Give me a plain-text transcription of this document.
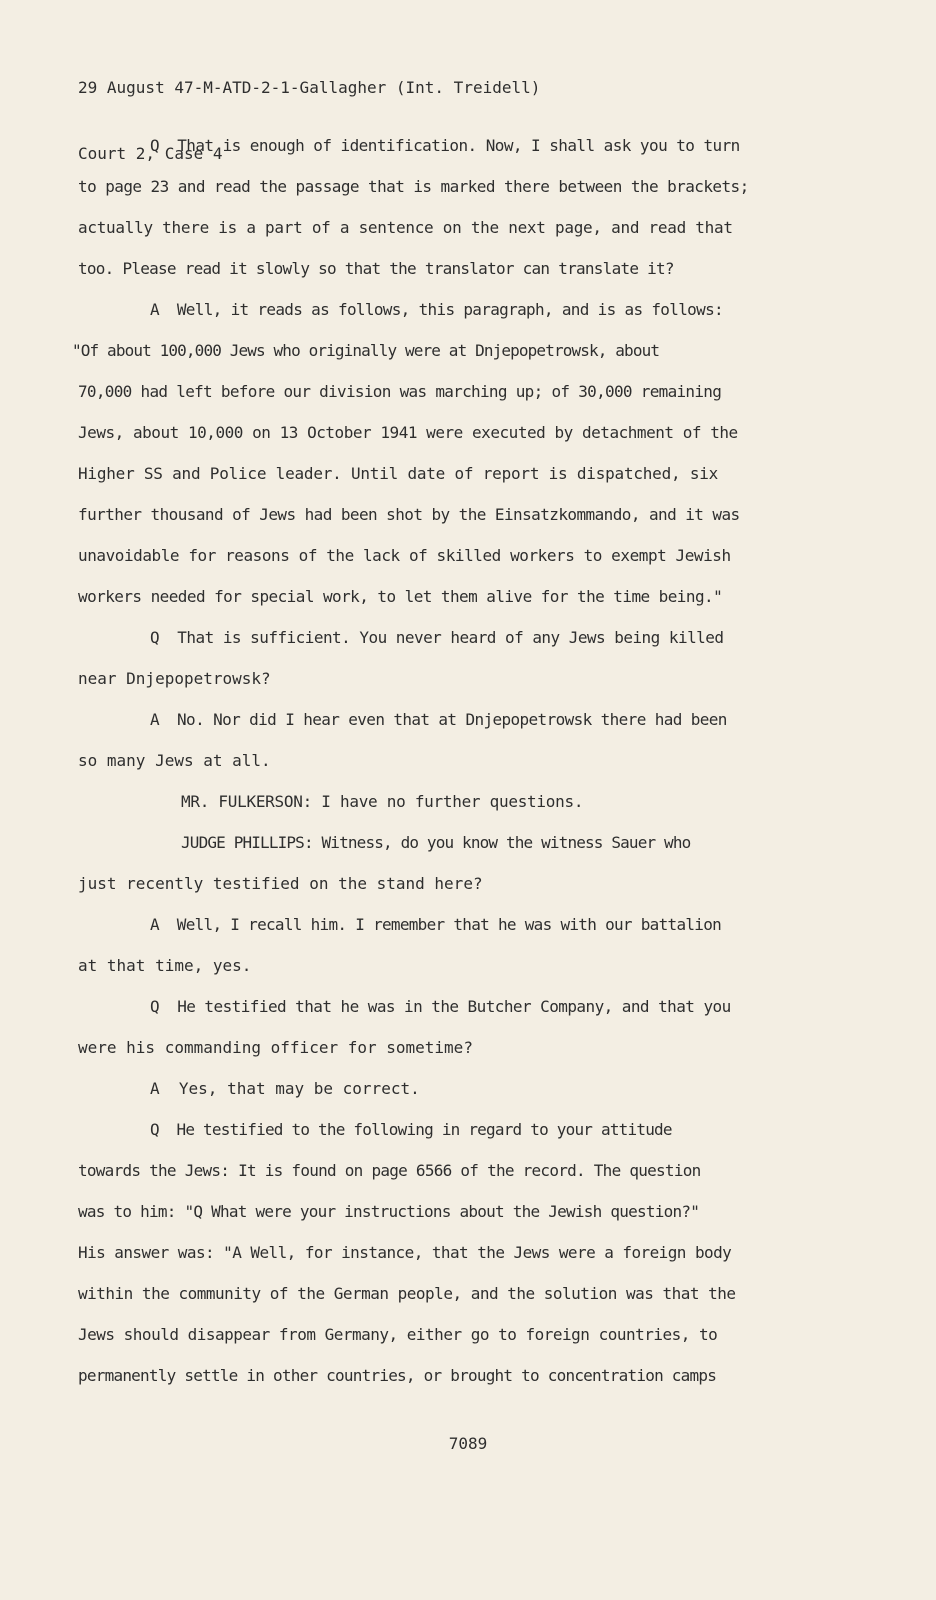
29 August 47-M-ATD-2-1-Gallagher (Int. Treidell)

Court 2, Case 4

Q  That is enough of identification. Now, I shall ask you to turn
to page 23 and read the passage that is marked there between the brackets;
actually there is a part of a sentence on the next page, and read that
too. Please read it slowly so that the translator can translate it?
A  Well, it reads as follows, this paragraph, and is as follows:
"Of about 100,000 Jews who originally were at Dnjepopetrowsk, about
70,000 had left before our division was marching up; of 30,000 remaining
Jews, about 10,000 on 13 October 1941 were executed by detachment of the
Higher SS and Police leader. Until date of report is dispatched, six
further thousand of Jews had been shot by the Einsatzkommando, and it was
unavoidable for reasons of the lack of skilled workers to exempt Jewish
workers needed for special work, to let them alive for the time being."
Q  That is sufficient. You never heard of any Jews being killed
near Dnjepopetrowsk?
A  No. Nor did I hear even that at Dnjepopetrowsk there had been
so many Jews at all.
MR. FULKERSON: I have no further questions.
JUDGE PHILLIPS: Witness, do you know the witness Sauer who
just recently testified on the stand here?
A  Well, I recall him. I remember that he was with our battalion
at that time, yes.
Q  He testified that he was in the Butcher Company, and that you
were his commanding officer for sometime?
A  Yes, that may be correct.
Q  He testified to the following in regard to your attitude
towards the Jews: It is found on page 6566 of the record. The question
was to him: "Q What were your instructions about the Jewish question?"
His answer was: "A Well, for instance, that the Jews were a foreign body
within the community of the German people, and the solution was that the
Jews should disappear from Germany, either go to foreign countries, to
permanently settle in other countries, or brought to concentration camps
7089
